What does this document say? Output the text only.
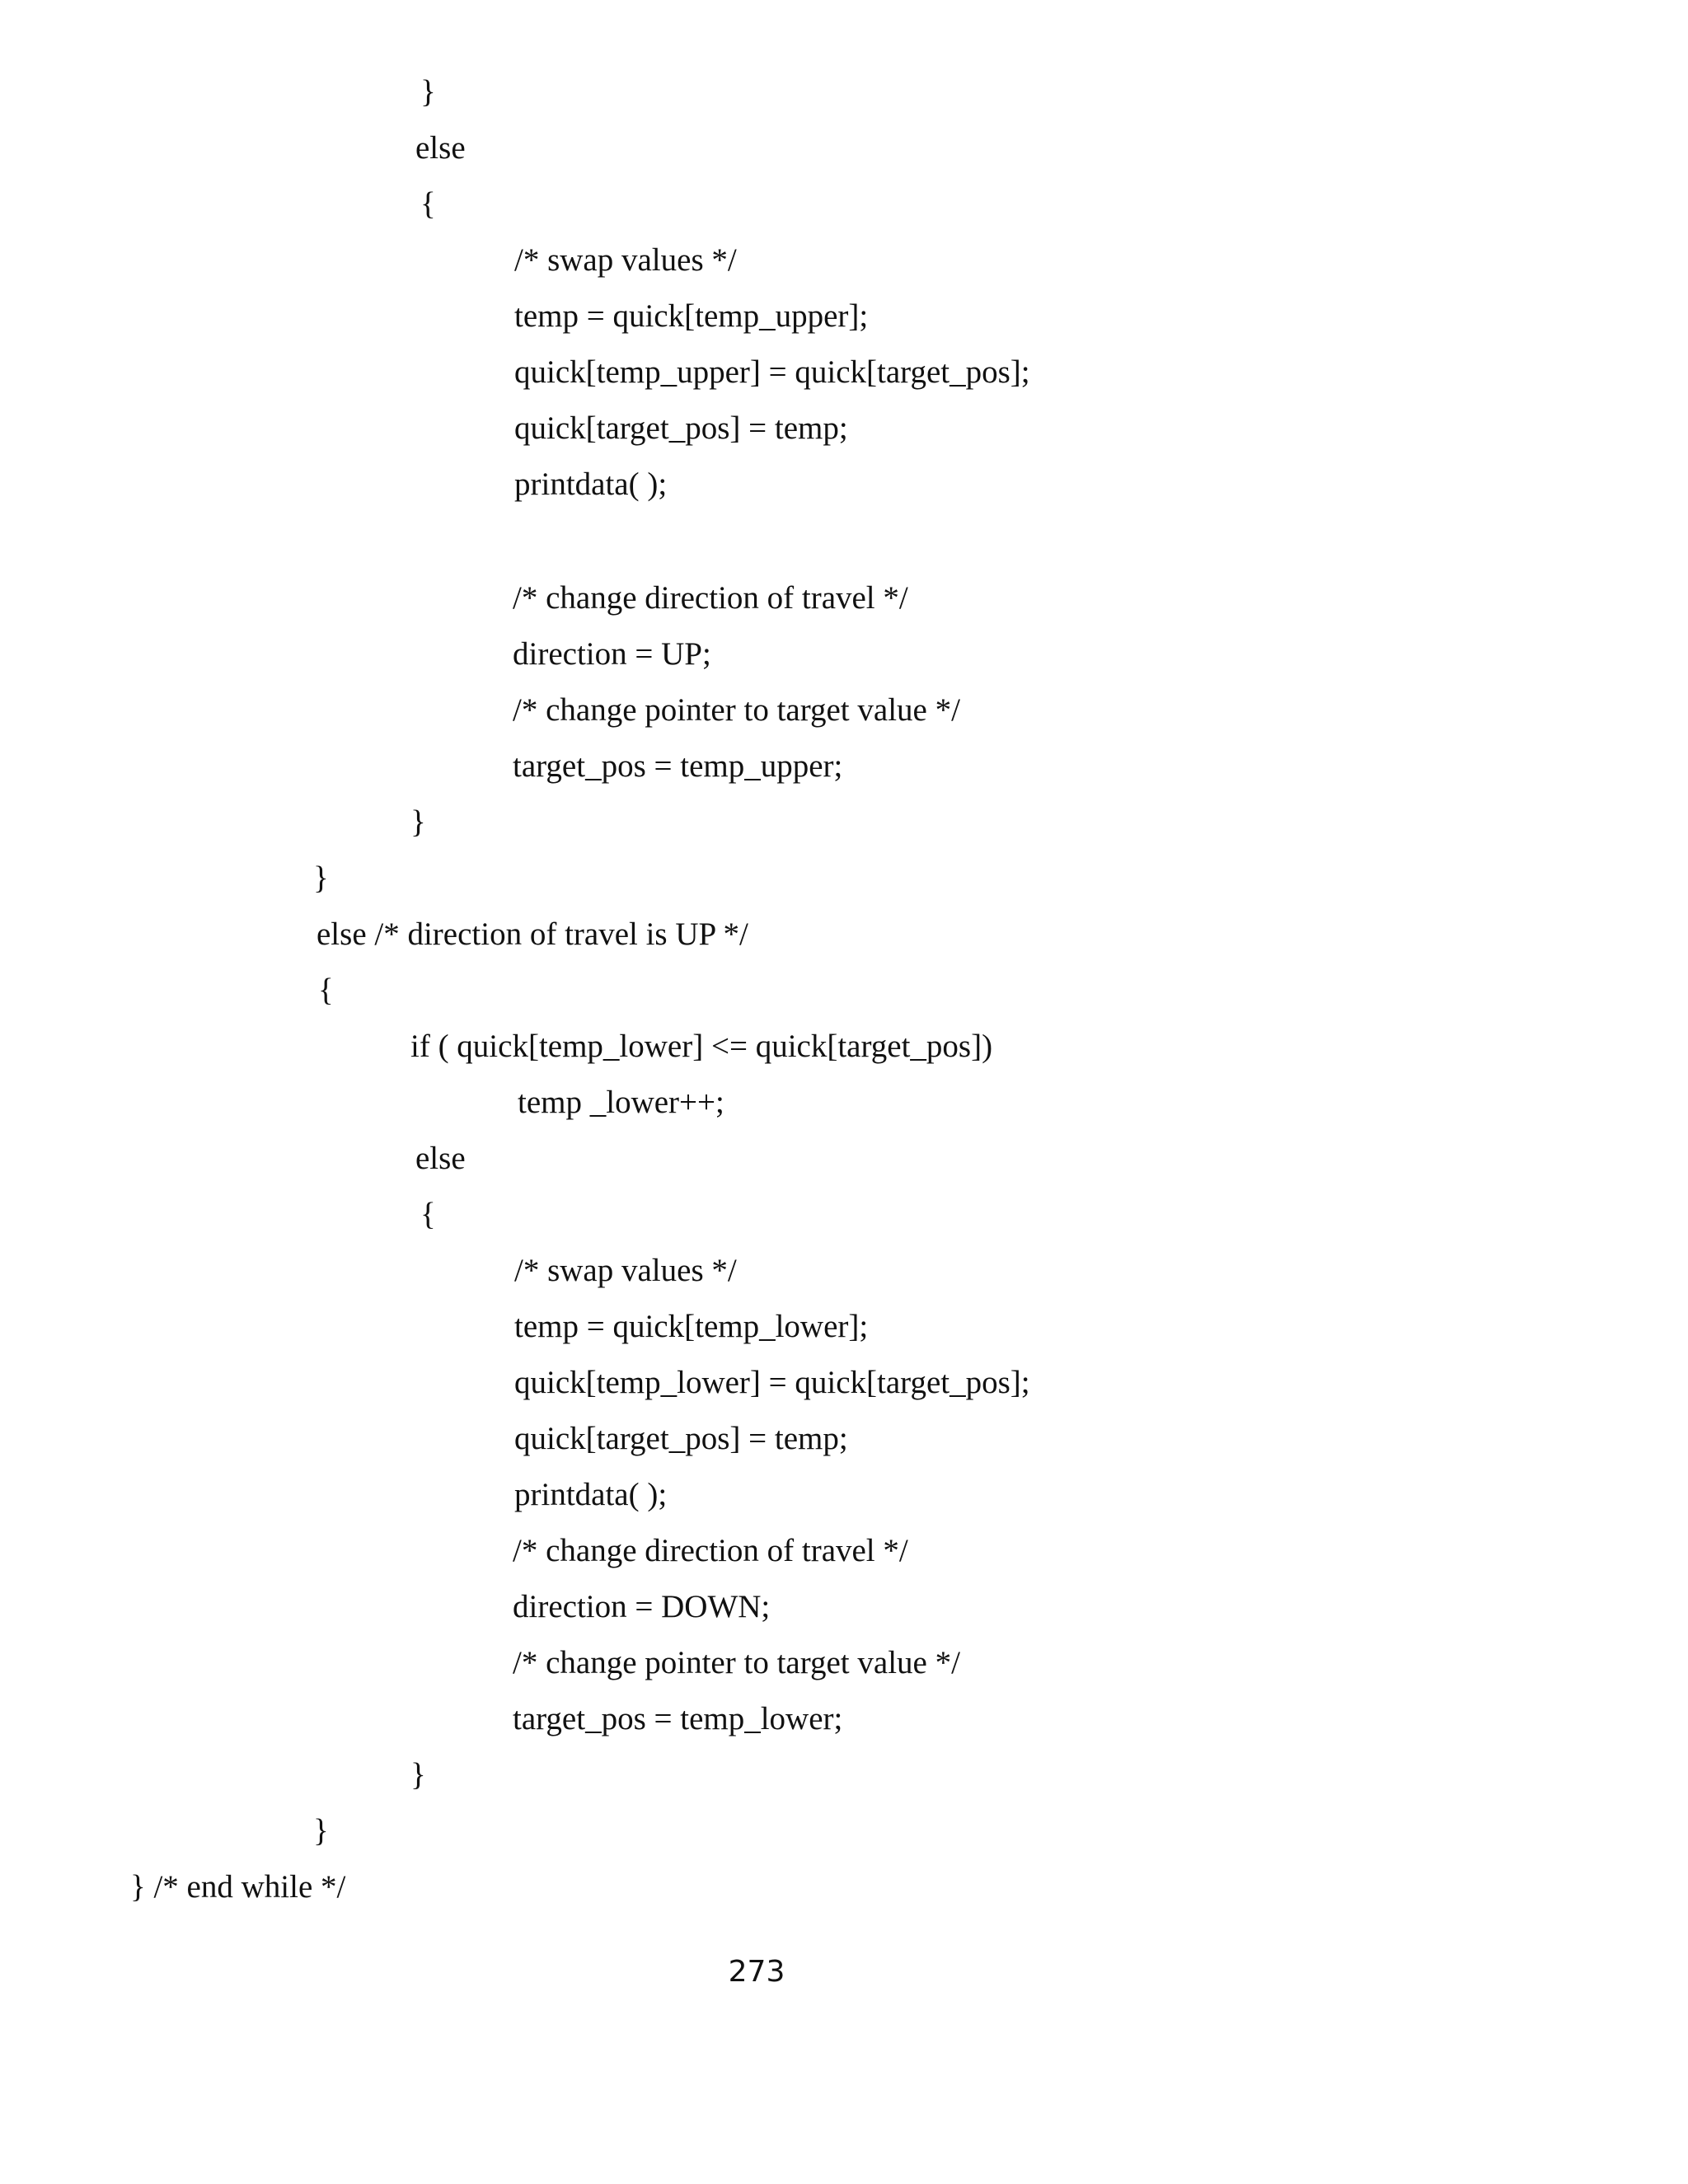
}
else
{
/* swap values */
temp = quick[temp_upper];
quick[temp_upper] = quick[target_pos];
quick[target_pos] = temp;
printdata( );
/* change direction of travel */
direction = UP;
/* change pointer to target value */
target_pos = temp_upper;
}
}
else /* direction of travel is UP */
{
if ( quick[temp_lower] <= quick[target_pos])
temp _lower++;
else
{
/* swap values */
temp = quick[temp_lower];
quick[temp_lower] = quick[target_pos];
quick[target_pos] = temp;
printdata( );
/* change direction of travel */
direction = DOWN;
/* change pointer to target value */
target_pos = temp_lower;
}
}
} /* end while */
273
